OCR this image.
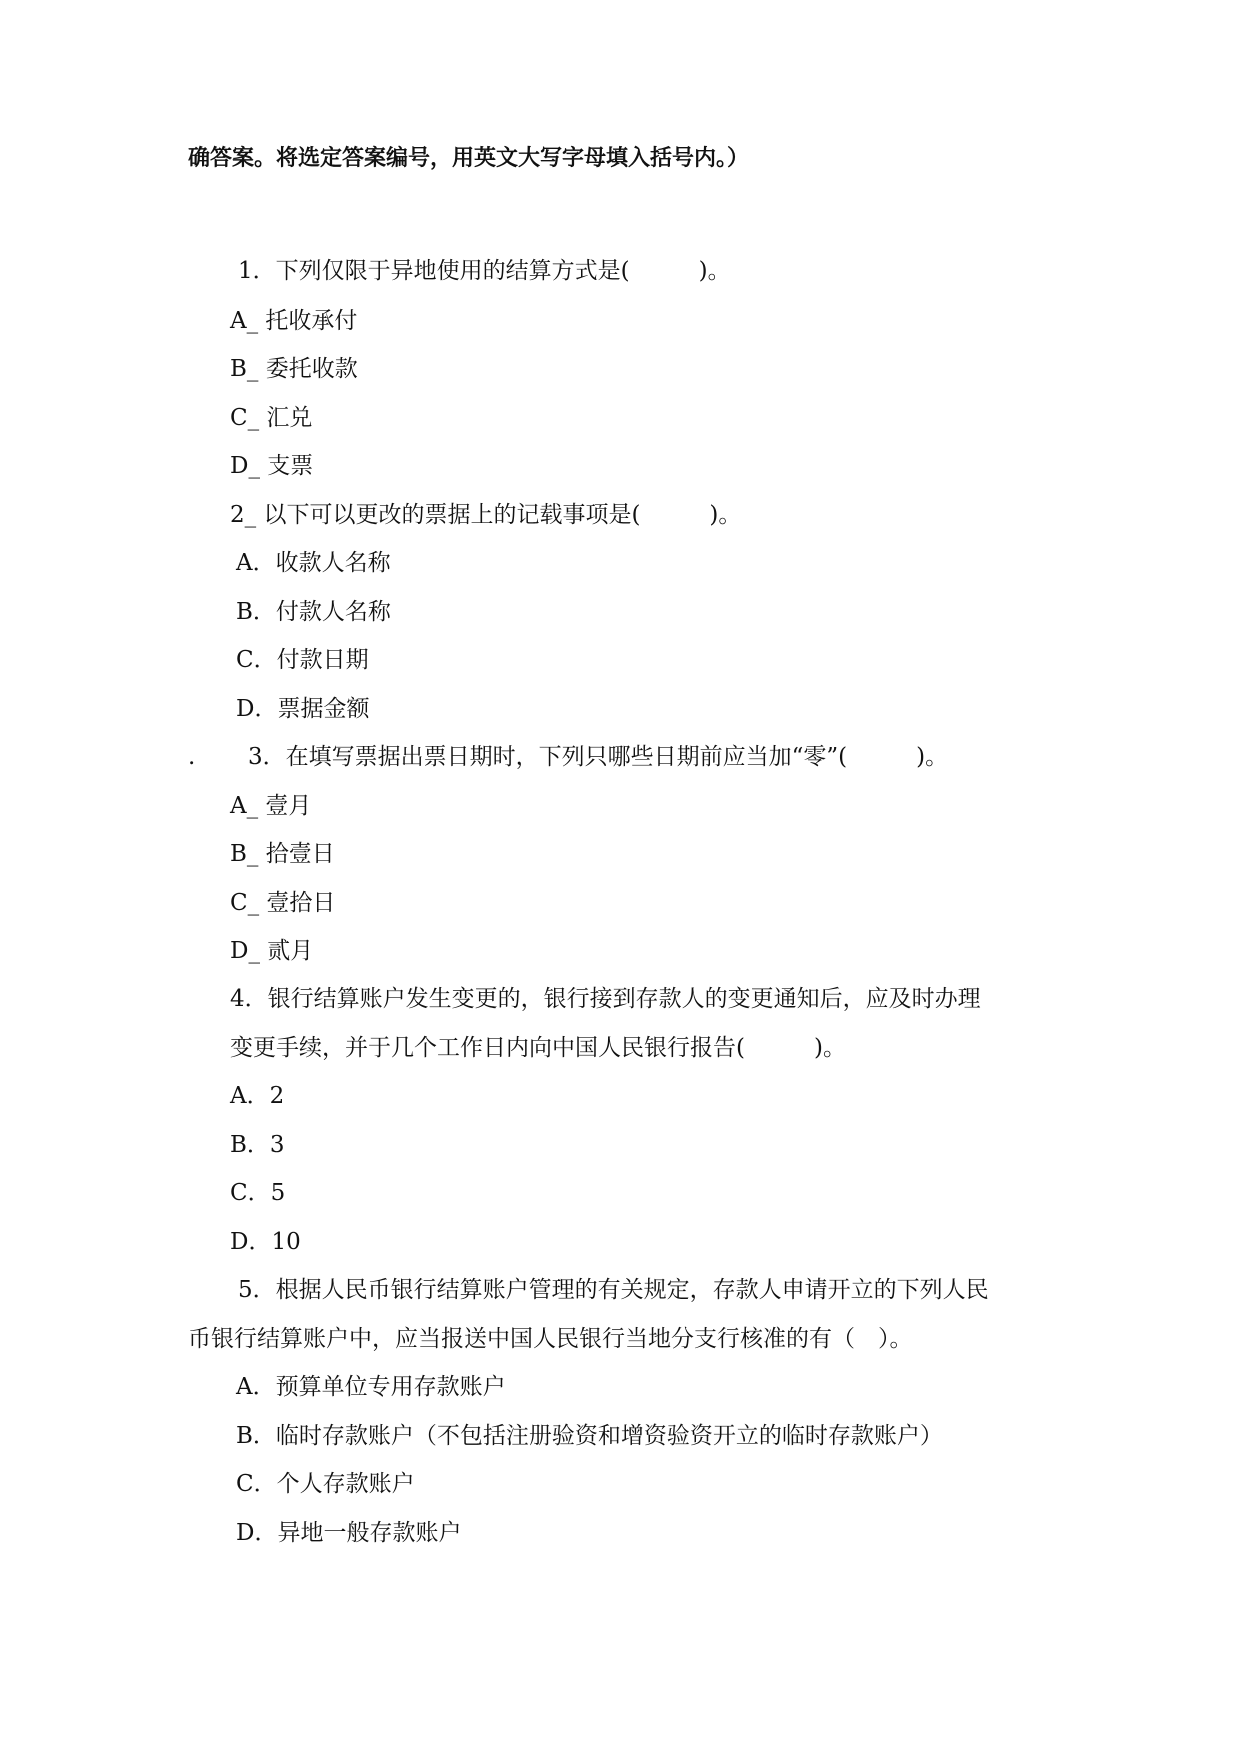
确答案。将选定答案编号，用英文大写字母填入括号内。）
1．下列仅限于异地使用的结算方式是(　　　)。
A_ 托收承付
B_ 委托收款
C_ 汇兑
D_ 支票
2_ 以下可以更改的票据上的记载事项是(　　　)。
A．收款人名称
B．付款人名称
C．付款日期
D．票据金额
. 3．在填写票据出票日期时，下列只哪些日期前应当加“零”(　　　)。
A_ 壹月
B_ 拾壹日
C_ 壹拾日
D_ 贰月
4．银行结算账户发生变更的，银行接到存款人的变更通知后，应及时办理
变更手续，并于几个工作日内向中国人民银行报告(　　　)。
A．2
B．3
C．5
D．10
5．根据人民币银行结算账户管理的有关规定，存款人申请开立的下列人民
币银行结算账户中，应当报送中国人民银行当地分支行核准的有（　）。
A．预算单位专用存款账户
B．临时存款账户（不包括注册验资和增资验资开立的临时存款账户）
C．个人存款账户
D．异地一般存款账户
